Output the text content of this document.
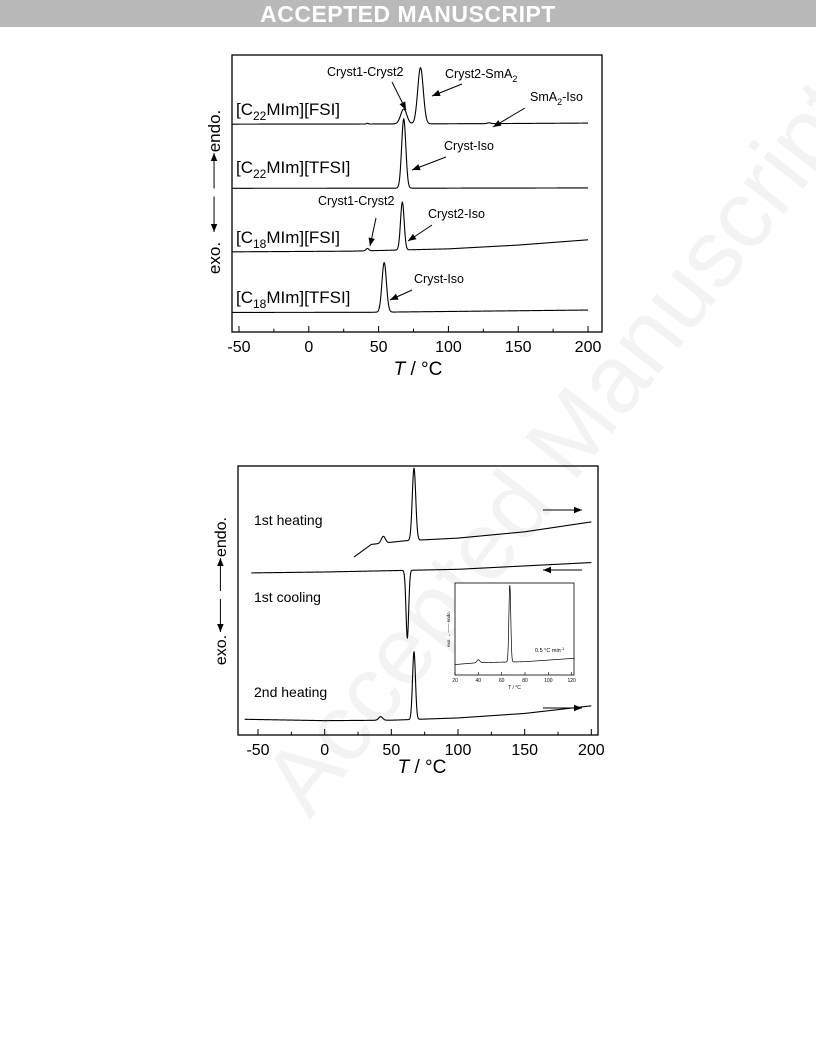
ACCEPTED MANUSCRIPT
-50	0	50	100	150	200
$[C_{22}MIm][FSI]$
$[C_{22}MIm][TFSI]$
$[C_{18}MIm][FSI]$
$[C_{18}MIm][TFSI]$
Cryst1-Cryst2	Cryst2-SmA$_2$
SmA$_2$-Iso
Cryst-Iso
Cryst1-Cryst2
Cryst2-Iso
Cryst-Iso
endo.
exo.
T / °C
-50	0	50	100 150 200
1st heating
1st cooling
2nd heating
endo.
exo.
T / °C
20	40	60	80	100	120
0.5 °C $\min^{-1}$
T / °C
exo. ←—— endo.
